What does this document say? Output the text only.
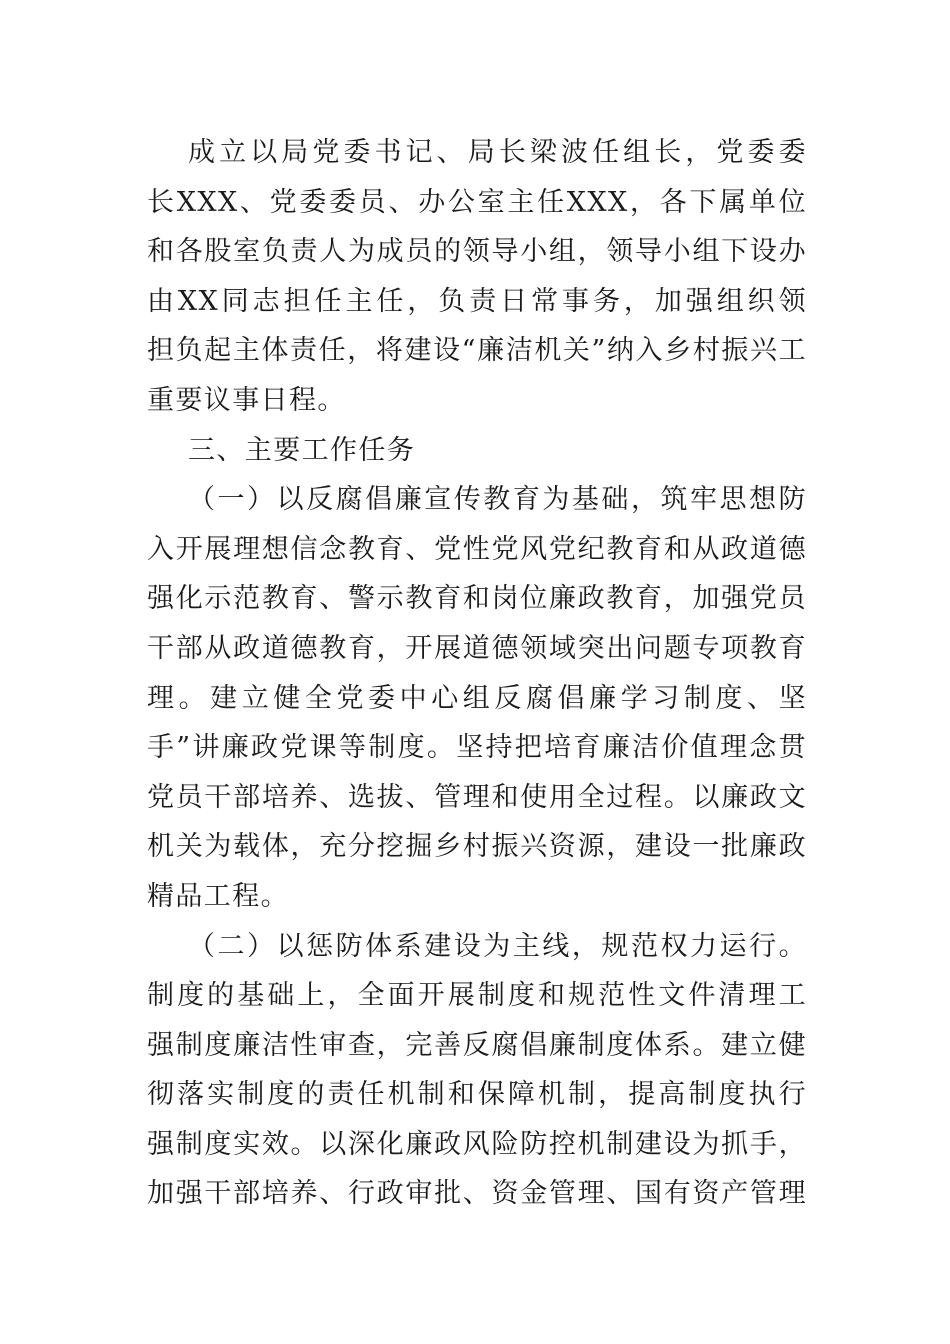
成立以局党委书记、局长梁波任组长，党委委
长XXX、党委委员、办公室主任XXX，各下属单位
和各股室负责人为成员的领导小组，领导小组下设办
由XX同志担任主任，负责日常事务，加强组织领
担负起主体责任，将建设“廉洁机关”纳入乡村振兴工
重要议事日程。
三、主要工作任务
（一）以反腐倡廉宣传教育为基础，筑牢思想防
入开展理想信念教育、党性党风党纪教育和从政道德
强化示范教育、警示教育和岗位廉政教育，加强党员
干部从政道德教育，开展道德领域突出问题专项教育
理。建立健全党委中心组反腐倡廉学习制度、坚
手”讲廉政党课等制度。坚持把培育廉洁价值理念贯
党员干部培养、选拔、管理和使用全过程。以廉政文
机关为载体，充分挖掘乡村振兴资源，建设一批廉政
精品工程。
（二）以惩防体系建设为主线，规范权力运行。
制度的基础上，全面开展制度和规范性文件清理工
强制度廉洁性审查，完善反腐倡廉制度体系。建立健
彻落实制度的责任机制和保障机制，提高制度执行
强制度实效。以深化廉政风险防控机制建设为抓手，
加强干部培养、行政审批、资金管理、国有资产管理
